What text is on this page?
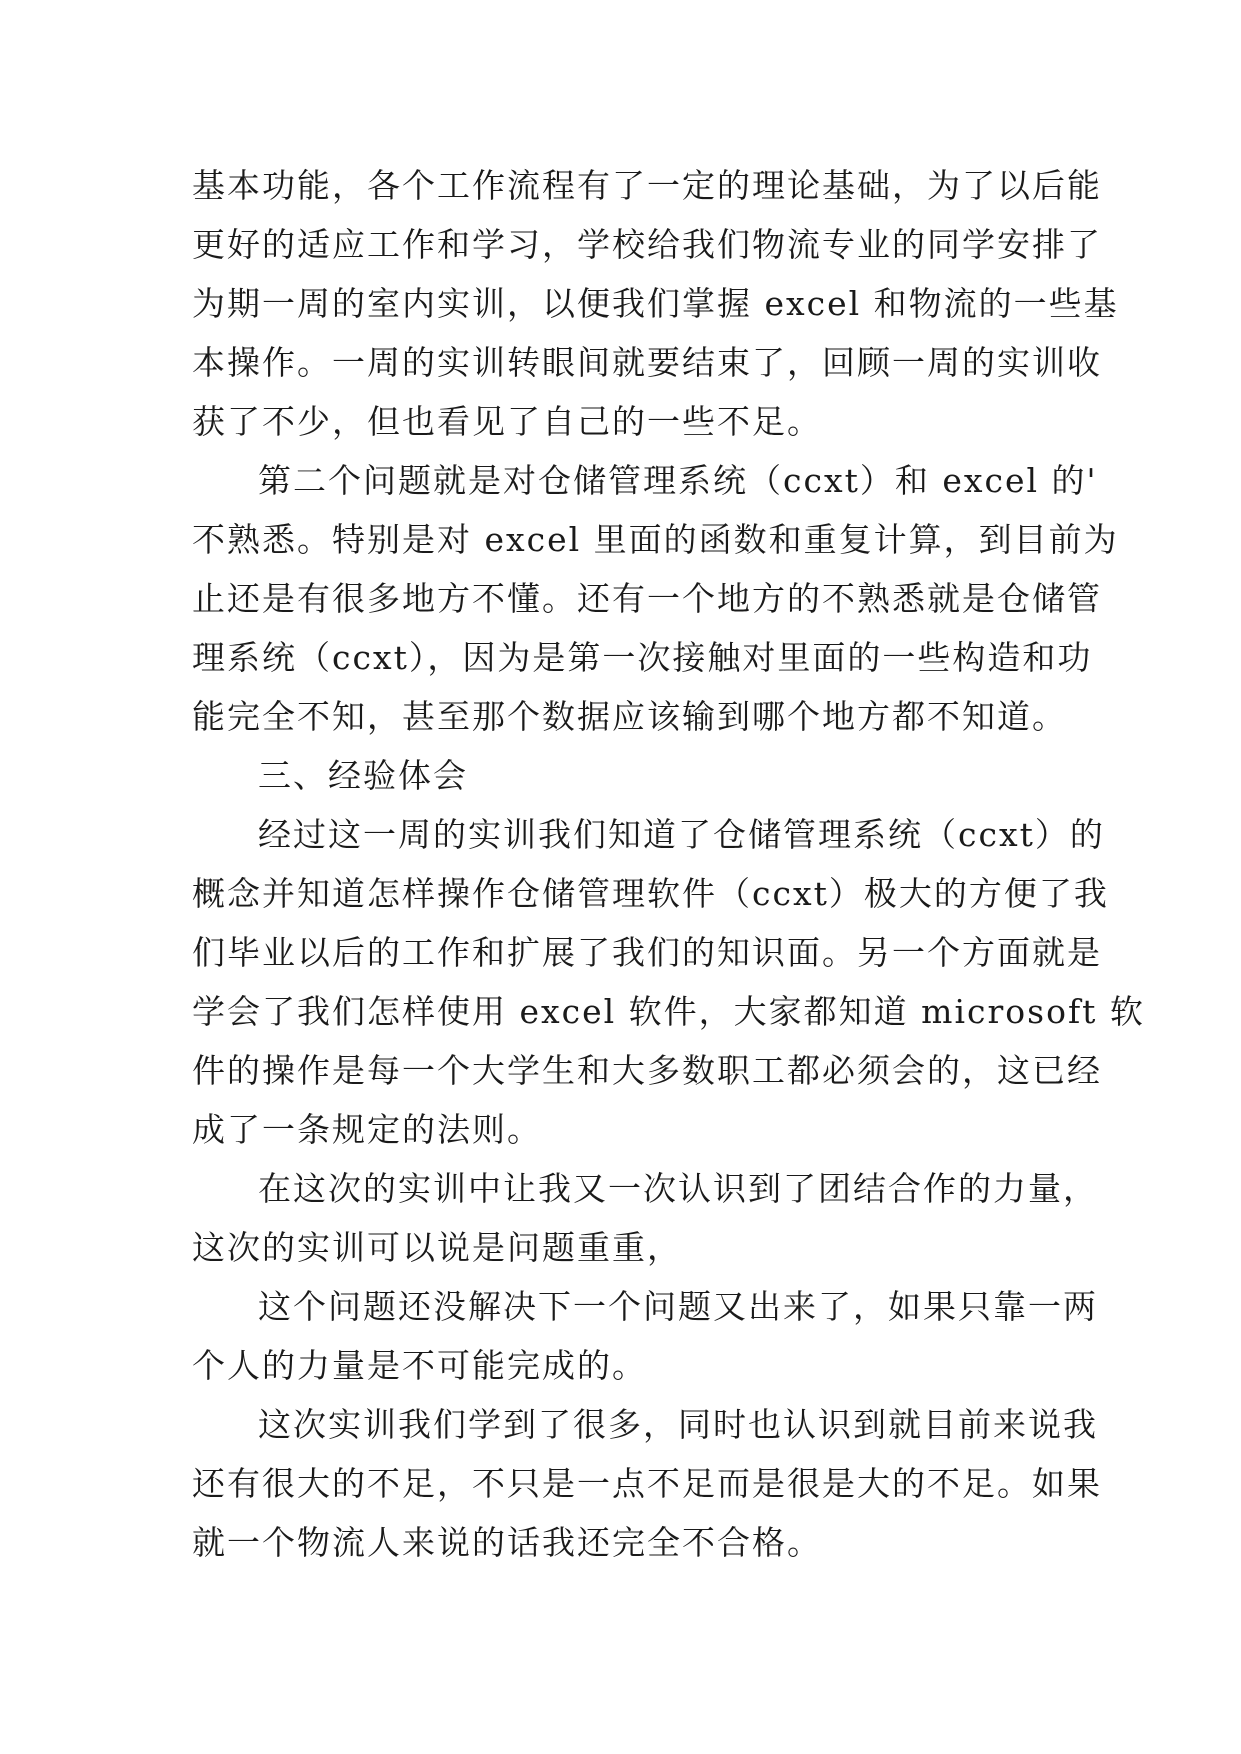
基本功能，各个工作流程有了一定的理论基础，为了以后能
更好的适应工作和学习，学校给我们物流专业的同学安排了
为期一周的室内实训，以便我们掌握 excel 和物流的一些基
本操作。一周的实训转眼间就要结束了，回顾一周的实训收
获了不少，但也看见了自己的一些不足。
第二个问题就是对仓储管理系统（ccxt）和 excel 的'
不熟悉。特别是对 excel 里面的函数和重复计算，到目前为
止还是有很多地方不懂。还有一个地方的不熟悉就是仓储管
理系统（ccxt），因为是第一次接触对里面的一些构造和功
能完全不知，甚至那个数据应该输到哪个地方都不知道。
三、经验体会
经过这一周的实训我们知道了仓储管理系统（ccxt）的
概念并知道怎样操作仓储管理软件（ccxt）极大的方便了我
们毕业以后的工作和扩展了我们的知识面。另一个方面就是
学会了我们怎样使用 excel 软件，大家都知道 microsoft 软
件的操作是每一个大学生和大多数职工都必须会的，这已经
成了一条规定的法则。
在这次的实训中让我又一次认识到了团结合作的力量，
这次的实训可以说是问题重重，
这个问题还没解决下一个问题又出来了，如果只靠一两
个人的力量是不可能完成的。
这次实训我们学到了很多，同时也认识到就目前来说我
还有很大的不足，不只是一点不足而是很是大的不足。如果
就一个物流人来说的话我还完全不合格。
